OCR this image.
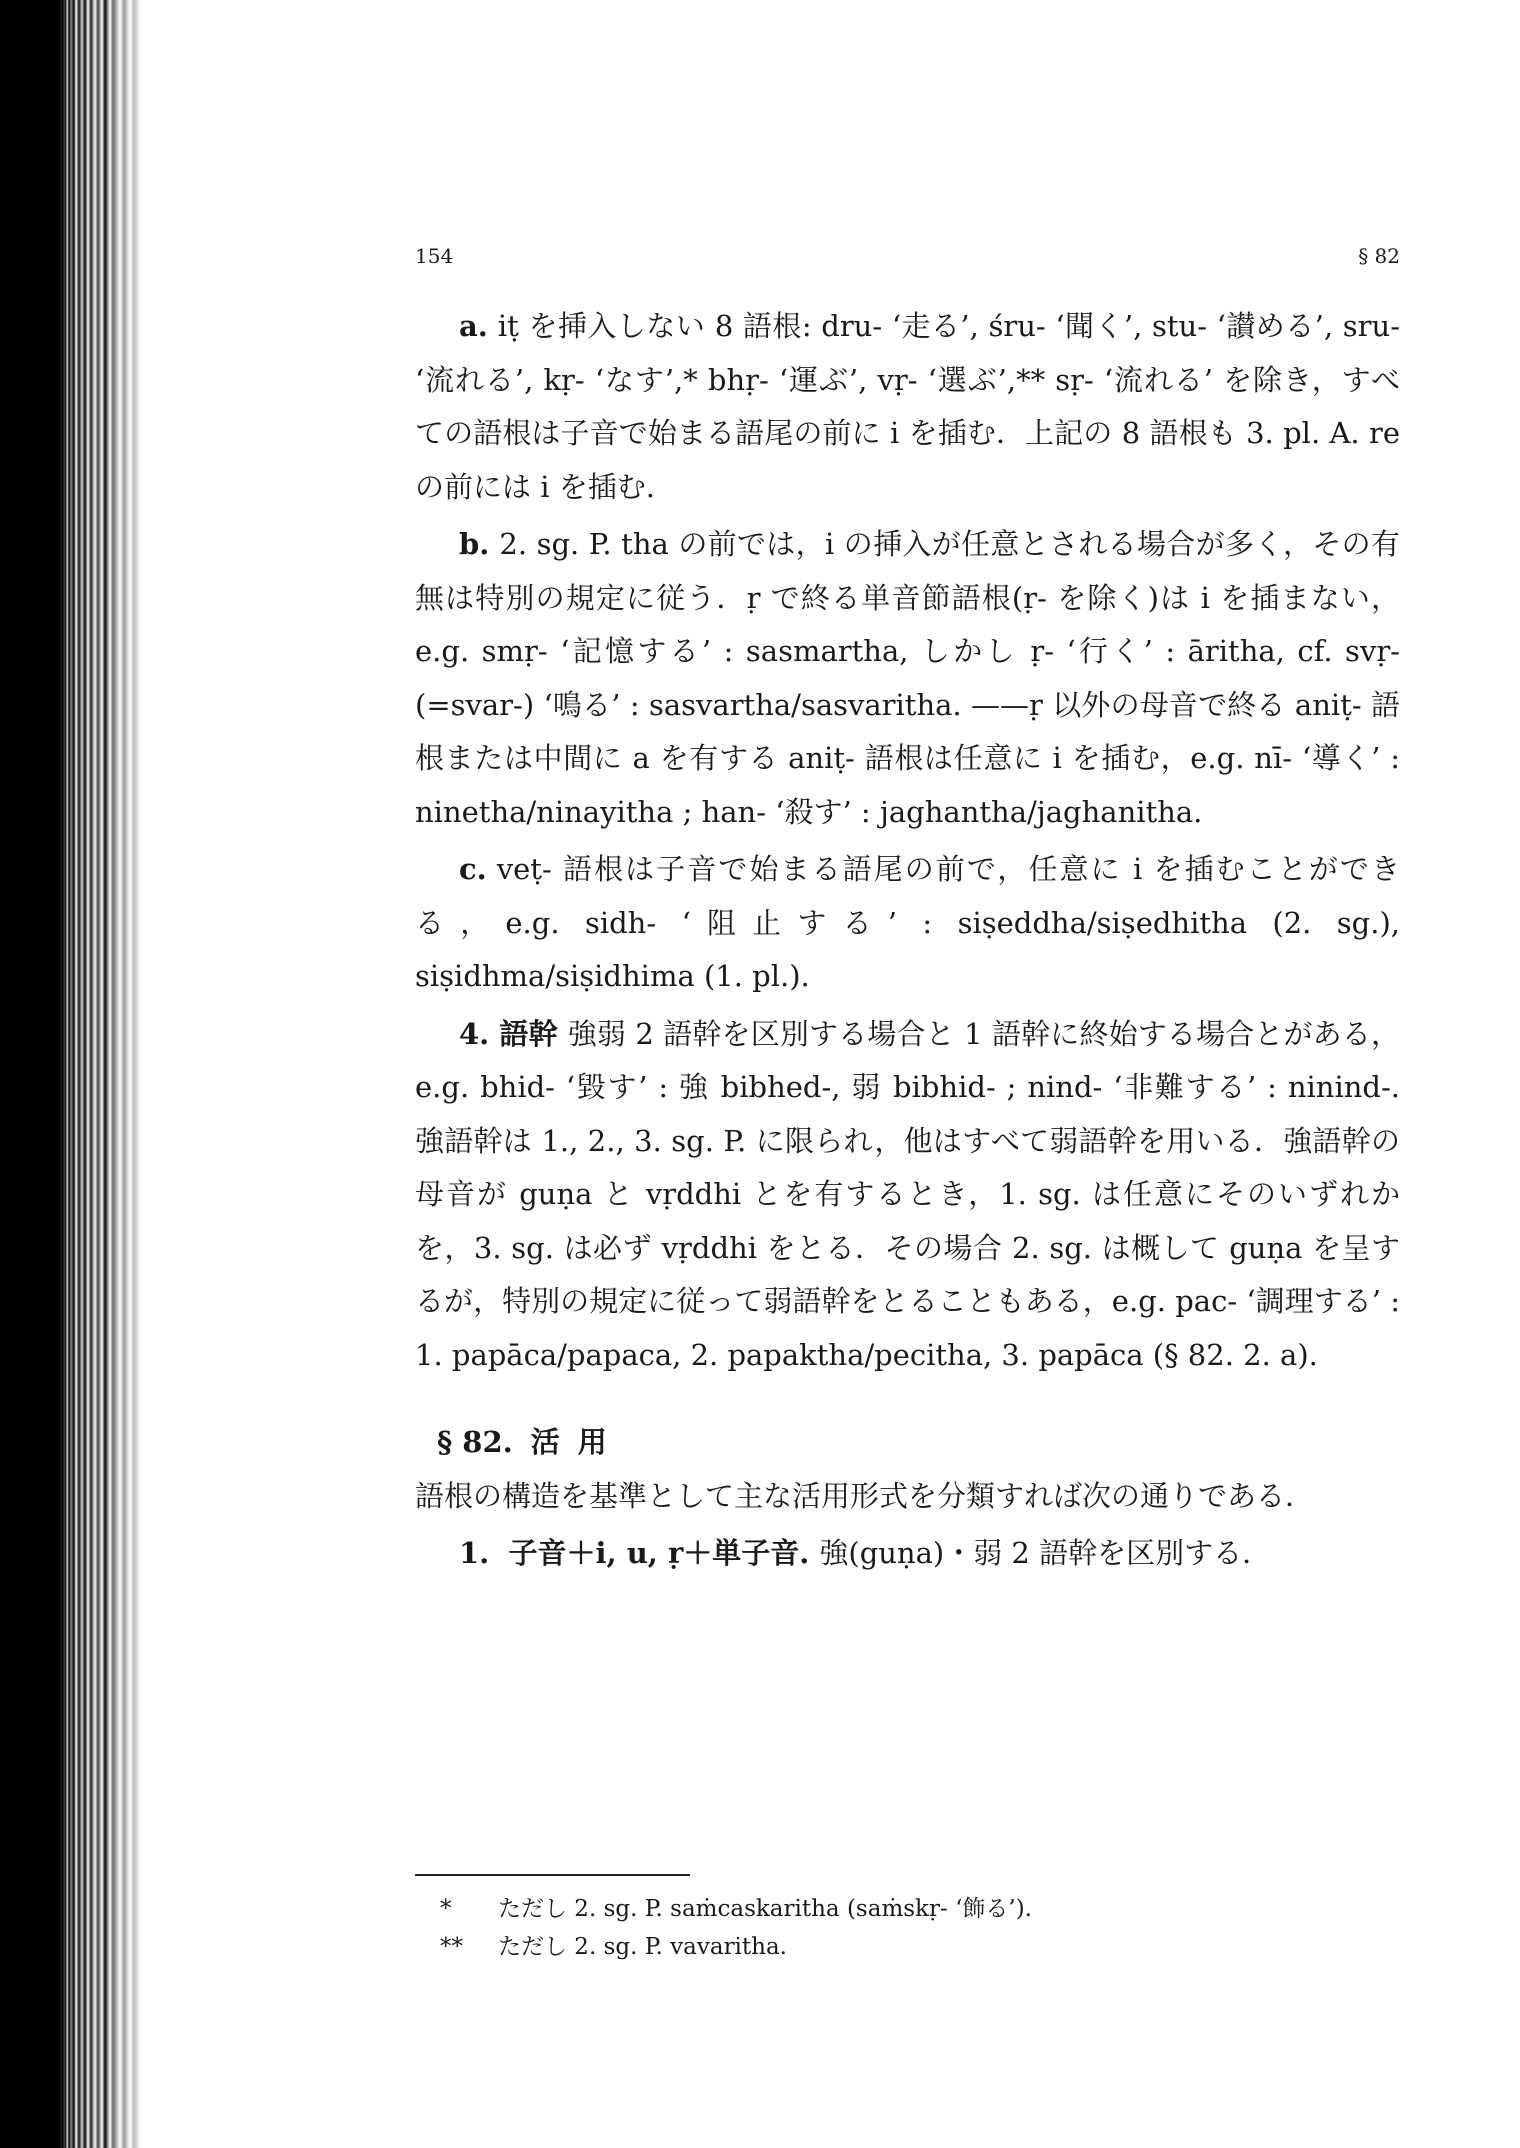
154	§ 82

a. iṭ を挿入しない 8 語根: dru- ‘走る’, śru- ‘聞く’, stu- ‘讃める’, sru- ‘流れる’, kṛ- ‘なす’,* bhṛ- ‘運ぶ’, vṛ- ‘選ぶ’,** sṛ- ‘流れる’ を除き，すべての語根は子音で始まる語尾の前に i を插む．上記の 8 語根も 3. pl. A. re の前には i を插む.

b. 2. sg. P. tha の前では，i の挿入が任意とされる場合が多く，その有無は特別の規定に従う．ṛ で終る単音節語根(ṛ- を除く)は i を插まない，e.g. smṛ- ‘記憶する’ : sasmartha, しかし ṛ- ‘行く’ : āritha, cf. svṛ- (=svar-) ‘鳴る’ : sasvartha/sasvaritha. ——ṛ 以外の母音で終る aniṭ- 語根または中間に a を有する aniṭ- 語根は任意に i を插む，e.g. nī- ‘導く’ : ninetha/ninayitha ; han- ‘殺す’ : jaghantha/jaghanitha.

c. veṭ- 語根は子音で始まる語尾の前で，任意に i を插むことができる，e.g. sidh- ‘阻止する’ : siṣeddha/siṣedhitha (2. sg.), siṣidhma/siṣidhima (1. pl.).

4. 語幹 強弱 2 語幹を区別する場合と 1 語幹に終始する場合とがある，e.g. bhid- ‘毀す’ : 強 bibhed-, 弱 bibhid- ; nind- ‘非難する’ : ninind-. 強語幹は 1., 2., 3. sg. P. に限られ，他はすべて弱語幹を用いる．強語幹の母音が guṇa と vṛddhi とを有するとき，1. sg. は任意にそのいずれかを，3. sg. は必ず vṛddhi をとる．その場合 2. sg. は概して guṇa を呈するが，特別の規定に従って弱語幹をとることもある，e.g. pac- ‘調理する’ : 1. papāca/papaca, 2. papaktha/pecitha, 3. papāca (§ 82. 2. a).

§ 82. 活用

語根の構造を基準として主な活用形式を分類すれば次の通りである．

1. 子音＋i, u, ṛ＋単子音. 強(guṇa)・弱 2 語幹を区別する．

* ただし 2. sg. P. saṁcaskaritha (saṁskṛ- ‘飾る’).

** ただし 2. sg. P. vavaritha.
